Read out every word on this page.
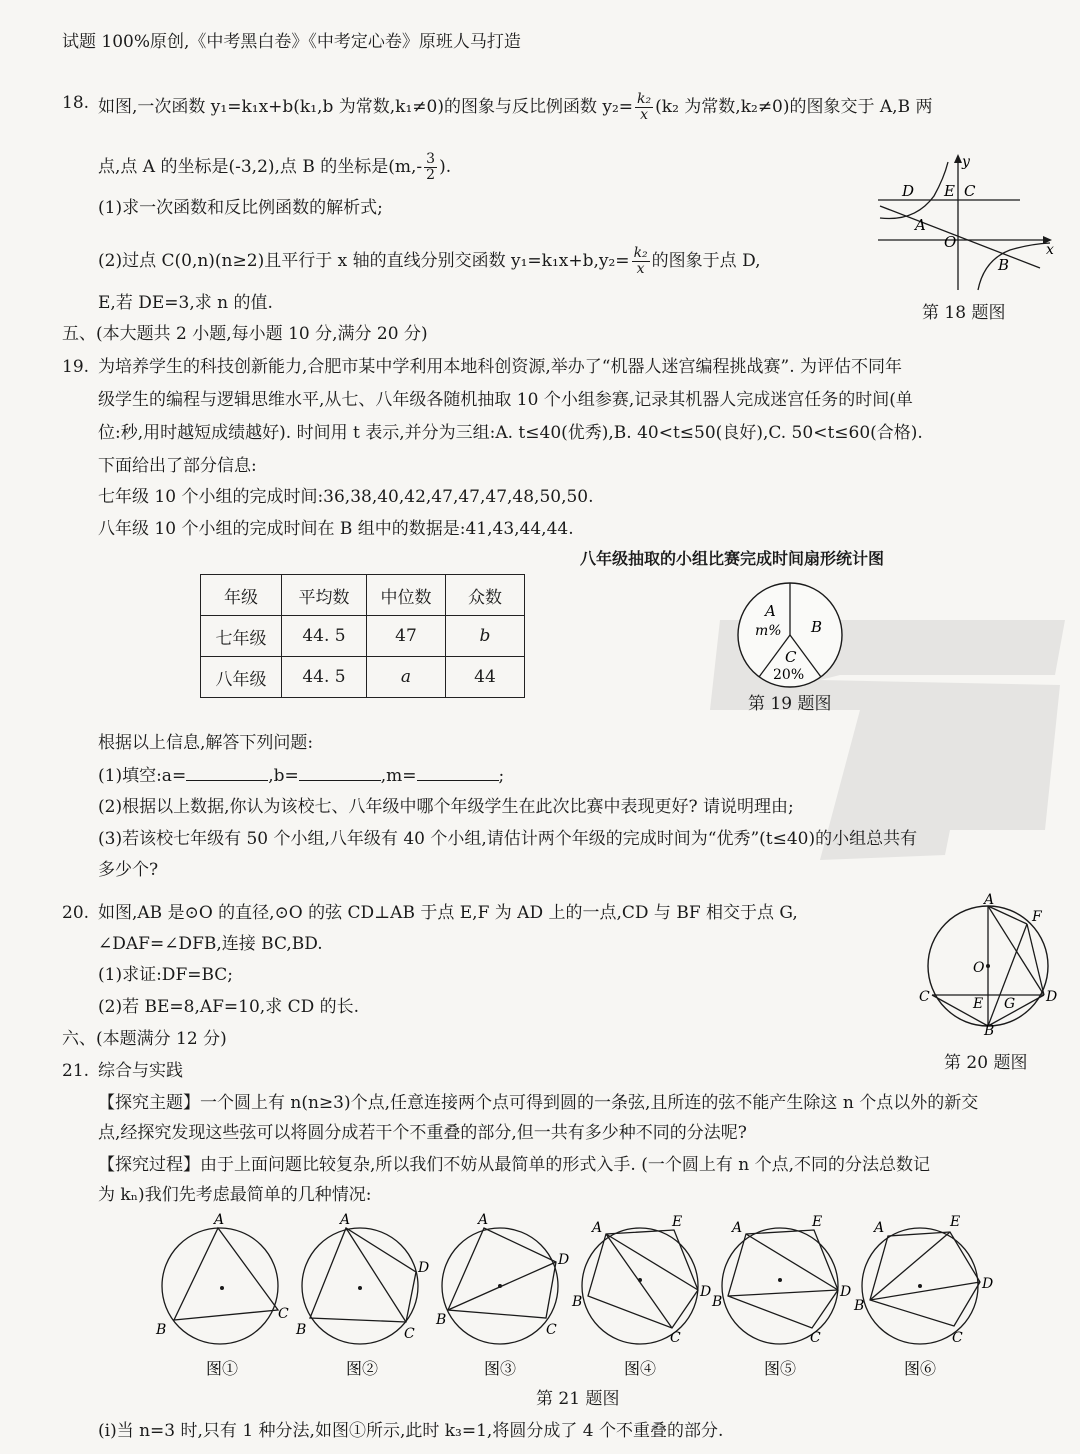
试题 100%原创,《中考黑白卷》《中考定心卷》原班人马打造
18. 如图,一次函数 y₁=k₁x+b(k₁,b 为常数,k₁≠0)的图象与反比例函数 $y_2= \frac{\text{k₂}}{x} (k_2$ 为常数,k₂≠0)的图象交于 A,B 两
点,点 A 的坐标是(-3,2),点 B 的坐标是($m,- \frac{3}{2}$ ).
(1)求一次函数和反比例函数的解析式;
(2)过点 C(0,n)(n≥2)且平行于 x 轴的直线分别交函数 $y_1=k_1x+b,y_2= \frac{\text{k₂}}{x}$ 的图象于点 D,
E,若 DE=3,求 n 的值.
y
x
D E C
A
O
B
第 18 题图
五、(本大题共 2 小题,每小题 10 分,满分 20 分)
19. 为培养学生的科技创新能力,合肥市某中学利用本地科创资源,举办了“机器人迷宫编程挑战赛”. 为评估不同年
级学生的编程与逻辑思维水平,从七、八年级各随机抽取 10 个小组参赛,记录其机器人完成迷宫任务的时间(单
位:秒,用时越短成绩越好). 时间用 t 表示,并分为三组:A. t≤40(优秀),B. 40<t≤50(良好),C. 50<t≤60(合格).
下面给出了部分信息:
七年级 10 个小组的完成时间:36,38,40,42,47,47,47,48,50,50.
八年级 10 个小组的完成时间在 B 组中的数据是:41,43,44,44.
八年级抽取的小组比赛完成时间扇形统计图
年级	平均数	中位数	众数
七年级	44. 5	47	b
八年级	44. 5	a	44
A
m% B
C
20%
第 19 题图
根据以上信息,解答下列问题:
(1)填空:a=	,b=	,m=	;
(2)根据以上数据,你认为该校七、八年级中哪个年级学生在此次比赛中表现更好? 请说明理由;
(3)若该校七年级有 50 个小组,八年级有 40 个小组,请估计两个年级的完成时间为“优秀”(t≤40)的小组总共有
多少个?
20. 如图,AB 是⊙O 的直径,⊙O 的弦 CD⊥AB 于点 E,F 为 AD 上的一点,CD 与 BF 相交于点 G,
∠DAF=∠DFB,连接 BC,BD.
(1)求证:DF=BC;
(2)若 BE=8,AF=10,求 CD 的长.
A
F
O
C	E G D
B
第 20 题图
六、(本题满分 12 分)
21. 综合与实践
【探究主题】一个圆上有 n(n≥3)个点,任意连接两个点可得到圆的一条弦,且所连的弦不能产生除这 n 个点以外的新交
点,经探究发现这些弦可以将圆分成若干个不重叠的部分,但一共有多少种不同的分法呢?
【探究过程】由于上面问题比较复杂,所以我们不妨从最简单的形式入手. (一个圆上有 n 个点,不同的分法总数记
为 kₙ)我们先考虑最简单的几种情况:
A
B
C
A
B	C
D
A
B
C
D
A
B
C
D
E	A
B
C
D
E	A
B
C
D
E
图①	图②	图③	图④	图⑤	图⑥
第 21 题图
(ⅰ)当 n=3 时,只有 1 种分法,如图①所示,此时 k₃=1,将圆分成了 4 个不重叠的部分.
